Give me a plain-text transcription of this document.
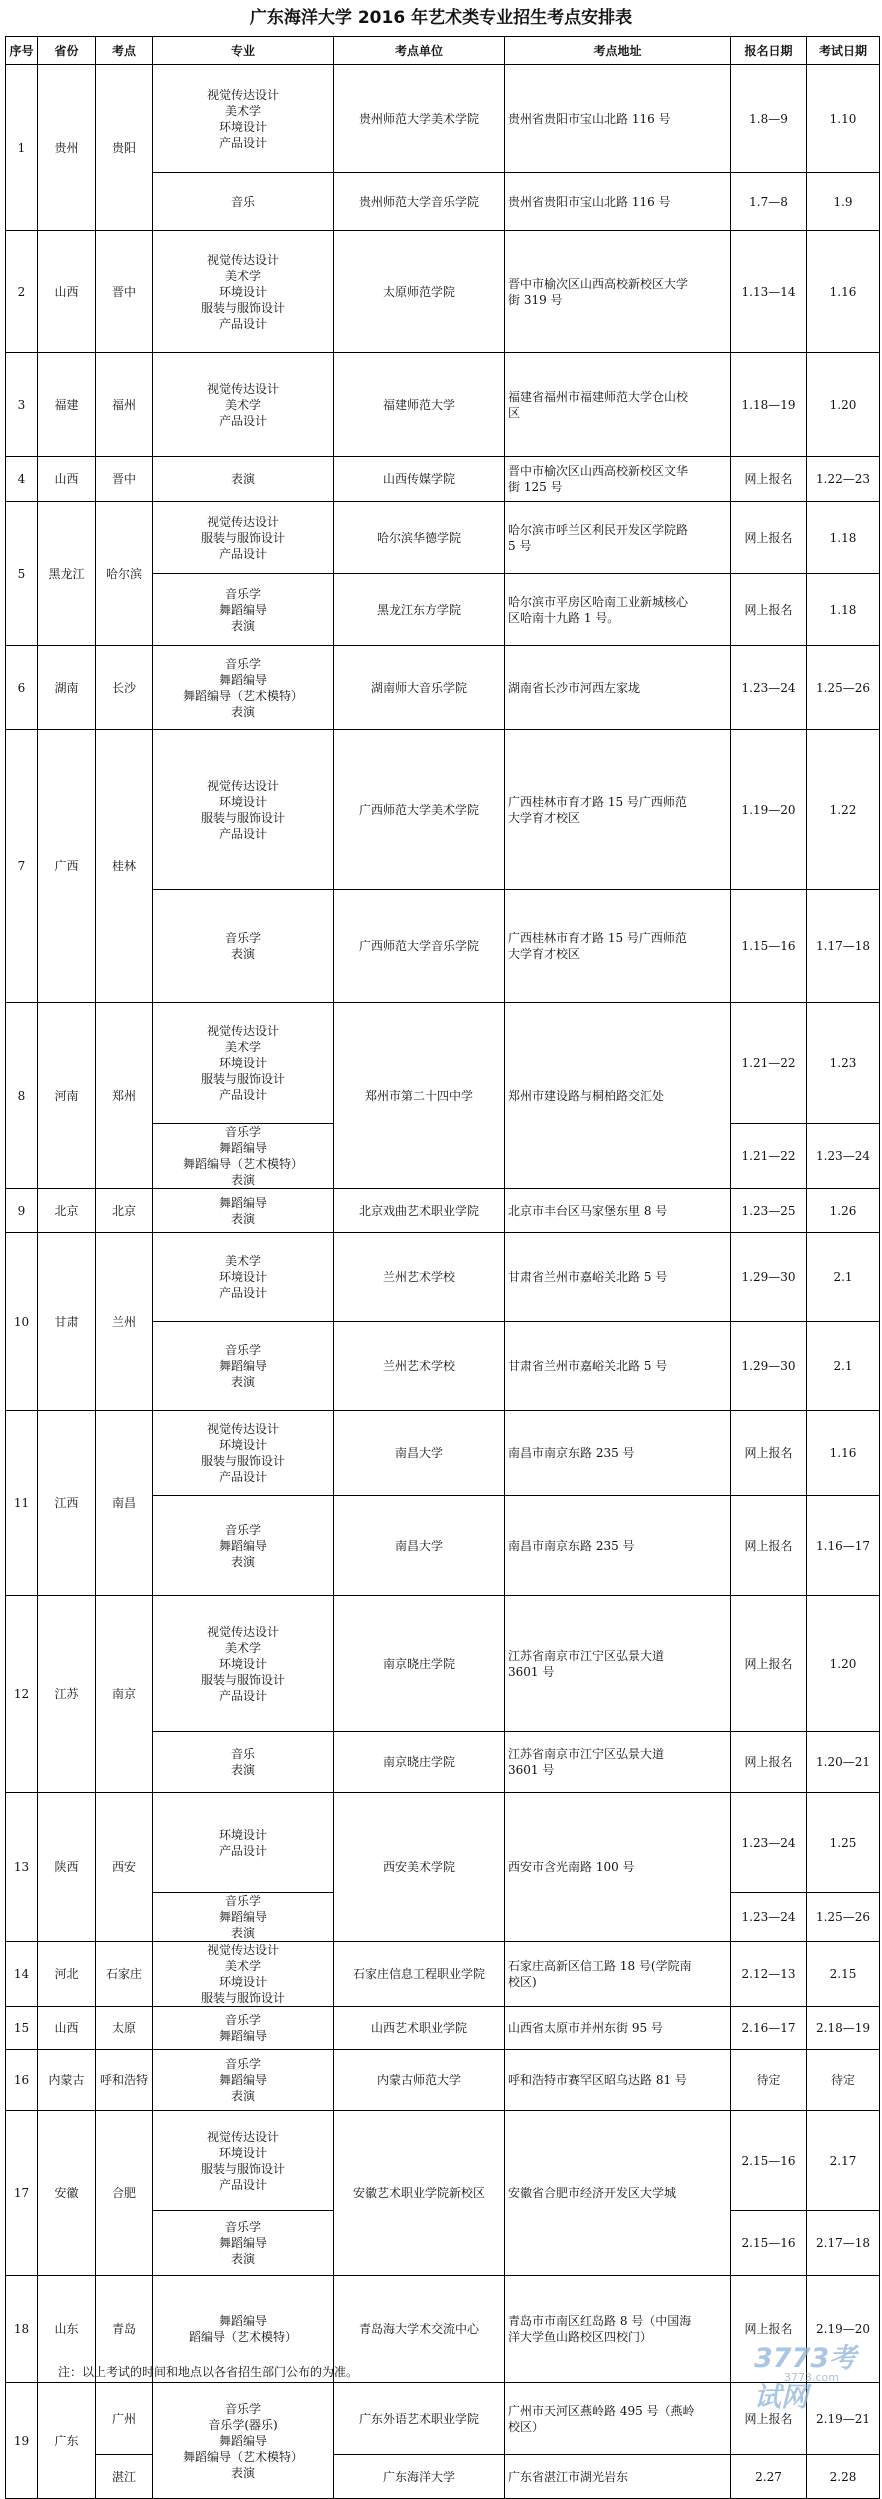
广东海洋大学 2016 年艺术类专业招生考点安排表
序号	省份	考点	专业	考点单位	考点地址	报名日期	考试日期
1	贵州	贵阳	视觉传达设计
美术学
环境设计
产品设计	贵州师范大学美术学院	贵州省贵阳市宝山北路 116 号	1.8—9	1.10

			音乐	贵州师范大学音乐学院	贵州省贵阳市宝山北路 116 号	1.7—8	1.9
2	山西	晋中	视觉传达设计
美术学
环境设计
服装与服饰设计
产品设计	太原师范学院	晋中市榆次区山西高校新校区大学
街 319 号	1.13—14	1.16
3	福建	福州	视觉传达设计
美术学
产品设计	福建师范大学	福建省福州市福建师范大学仓山校
区	1.18—19	1.20
4	山西	晋中	表演	山西传媒学院	晋中市榆次区山西高校新校区文华
街 125 号	网上报名	1.22—23
5	黑龙江	哈尔滨	视觉传达设计
服装与服饰设计
产品设计	哈尔滨华德学院	哈尔滨市呼兰区利民开发区学院路
5 号	网上报名	1.18

			音乐学
舞蹈编导
表演	黑龙江东方学院	哈尔滨市平房区哈南工业新城核心
区哈南十九路 1 号。	网上报名	1.18
6	湖南	长沙	音乐学
舞蹈编导
舞蹈编导（艺术模特）
表演	湖南师大音乐学院	湖南省长沙市河西左家垅	1.23—24	1.25—26
7	广西	桂林	视觉传达设计
环境设计
服装与服饰设计
产品设计	广西师范大学美术学院	广西桂林市育才路 15 号广西师范
大学育才校区	1.19—20	1.22

			音乐学
表演	广西师范大学音乐学院	广西桂林市育才路 15 号广西师范
大学育才校区	1.15—16	1.17—18
8	河南	郑州	视觉传达设计
美术学
环境设计
服装与服饰设计
产品设计	郑州市第二十四中学	郑州市建设路与桐柏路交汇处	1.21—22	1.23

			音乐学
舞蹈编导
舞蹈编导（艺术模特）
表演			1.21—22	1.23—24
9	北京	北京	舞蹈编导
表演	北京戏曲艺术职业学院	北京市丰台区马家堡东里 8 号	1.23—25	1.26
10	甘肃	兰州	美术学
环境设计
产品设计	兰州艺术学校	甘肃省兰州市嘉峪关北路 5 号	1.29—30	2.1

			音乐学
舞蹈编导
表演	兰州艺术学校	甘肃省兰州市嘉峪关北路 5 号	1.29—30	2.1
11	江西	南昌	视觉传达设计
环境设计
服装与服饰设计
产品设计	南昌大学	南昌市南京东路 235 号	网上报名	1.16

			音乐学
舞蹈编导
表演	南昌大学	南昌市南京东路 235 号	网上报名	1.16—17
12	江苏	南京	视觉传达设计
美术学
环境设计
服装与服饰设计
产品设计	南京晓庄学院	江苏省南京市江宁区弘景大道
3601 号	网上报名	1.20

			音乐
表演	南京晓庄学院	江苏省南京市江宁区弘景大道
3601 号	网上报名	1.20—21
13	陕西	西安	环境设计
产品设计	西安美术学院	西安市含光南路 100 号	1.23—24	1.25

			音乐学
舞蹈编导
表演			1.23—24	1.25—26
14	河北	石家庄	视觉传达设计
美术学
环境设计
服装与服饰设计	石家庄信息工程职业学院	石家庄高新区信工路 18 号(学院南
校区)	2.12—13	2.15
15	山西	太原	音乐学
舞蹈编导	山西艺术职业学院	山西省太原市并州东街 95 号	2.16—17	2.18—19
16	内蒙古	呼和浩特	音乐学
舞蹈编导
表演	内蒙古师范大学	呼和浩特市赛罕区昭乌达路 81 号	待定	待定
17	安徽	合肥	视觉传达设计
环境设计
服装与服饰设计
产品设计	安徽艺术职业学院新校区	安徽省合肥市经济开发区大学城	2.15—16	2.17

			音乐学
舞蹈编导
表演			2.15—16	2.17—18
18	山东	青岛	舞蹈编导
蹈编导（艺术模特）	青岛海大学术交流中心	青岛市市南区红岛路 8 号（中国海
洋大学鱼山路校区四校门）	网上报名	2.19—20
19	广东	广州	音乐学
音乐学(器乐)
舞蹈编导
舞蹈编导（艺术模特）
表演	广东外语艺术职业学院	广州市天河区燕岭路 495 号（燕岭
校区）	网上报名	2.19—21
		湛江		广东海洋大学	广东省湛江市湖光岩东	2.27	2.28
注：以上考试的时间和地点以各省招生部门公布的为准。	3773考试网
3773.com
